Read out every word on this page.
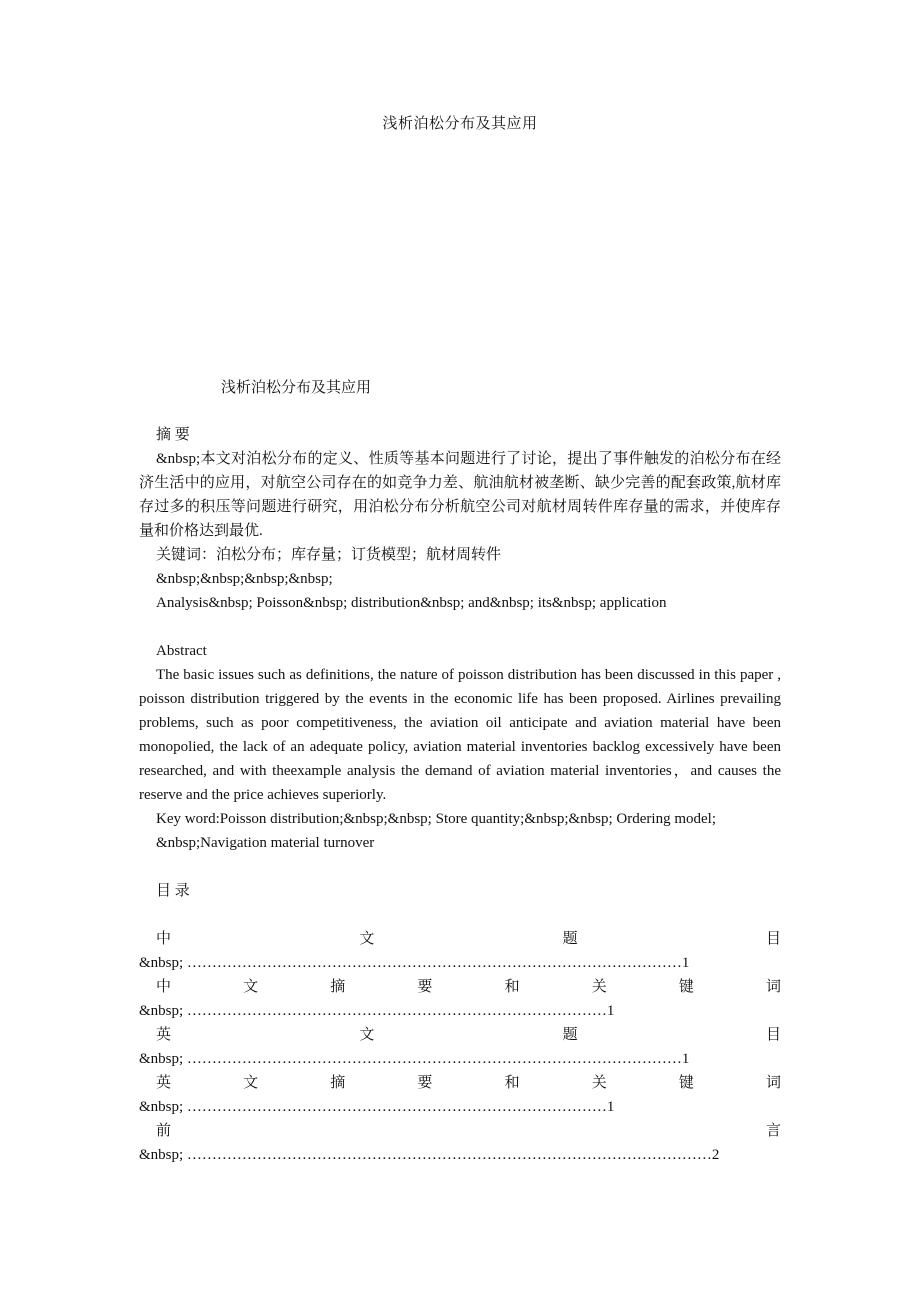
浅析泊松分布及其应用
浅析泊松分布及其应用
摘 要
&nbsp;本文对泊松分布的定义、性质等基本问题进行了讨论，提出了事件触发的泊松分布在经济生活中的应用，对航空公司存在的如竞争力差、航油航材被垄断、缺少完善的配套政策,航材库存过多的积压等问题进行研究，用泊松分布分析航空公司对航材周转件库存量的需求，并使库存量和价格达到最优.
关键词：泊松分布；库存量；订货模型；航材周转件
&nbsp;&nbsp;&nbsp;&nbsp;
Analysis&nbsp; Poisson&nbsp; distribution&nbsp; and&nbsp; its&nbsp; application
Abstract
The basic issues such as definitions, the nature of poisson distribution has been discussed in this paper , poisson distribution triggered by the events in the economic life has been proposed. Airlines prevailing problems, such as poor competitiveness, the aviation oil anticipate and aviation material have been monopolied, the lack of an adequate policy, aviation material inventories backlog excessively have been researched, and with theexample analysis the demand of aviation material inventories，and causes the reserve and the price achieves superiorly.
Key word:Poisson distribution;&nbsp;&nbsp; Store quantity;&nbsp;&nbsp; Ordering model;
&nbsp;Navigation material turnover
目 录
中	文	题	目
&nbsp; ………………………………………………………………………………………1
中	文	摘	要	和	关	键	词
&nbsp; …………………………………………………………………………1
英	文	题	目
&nbsp; ………………………………………………………………………………………1
英	文	摘	要	和	关	键	词
&nbsp; …………………………………………………………………………1
前	言
&nbsp; ……………………………………………………………………………………………2
